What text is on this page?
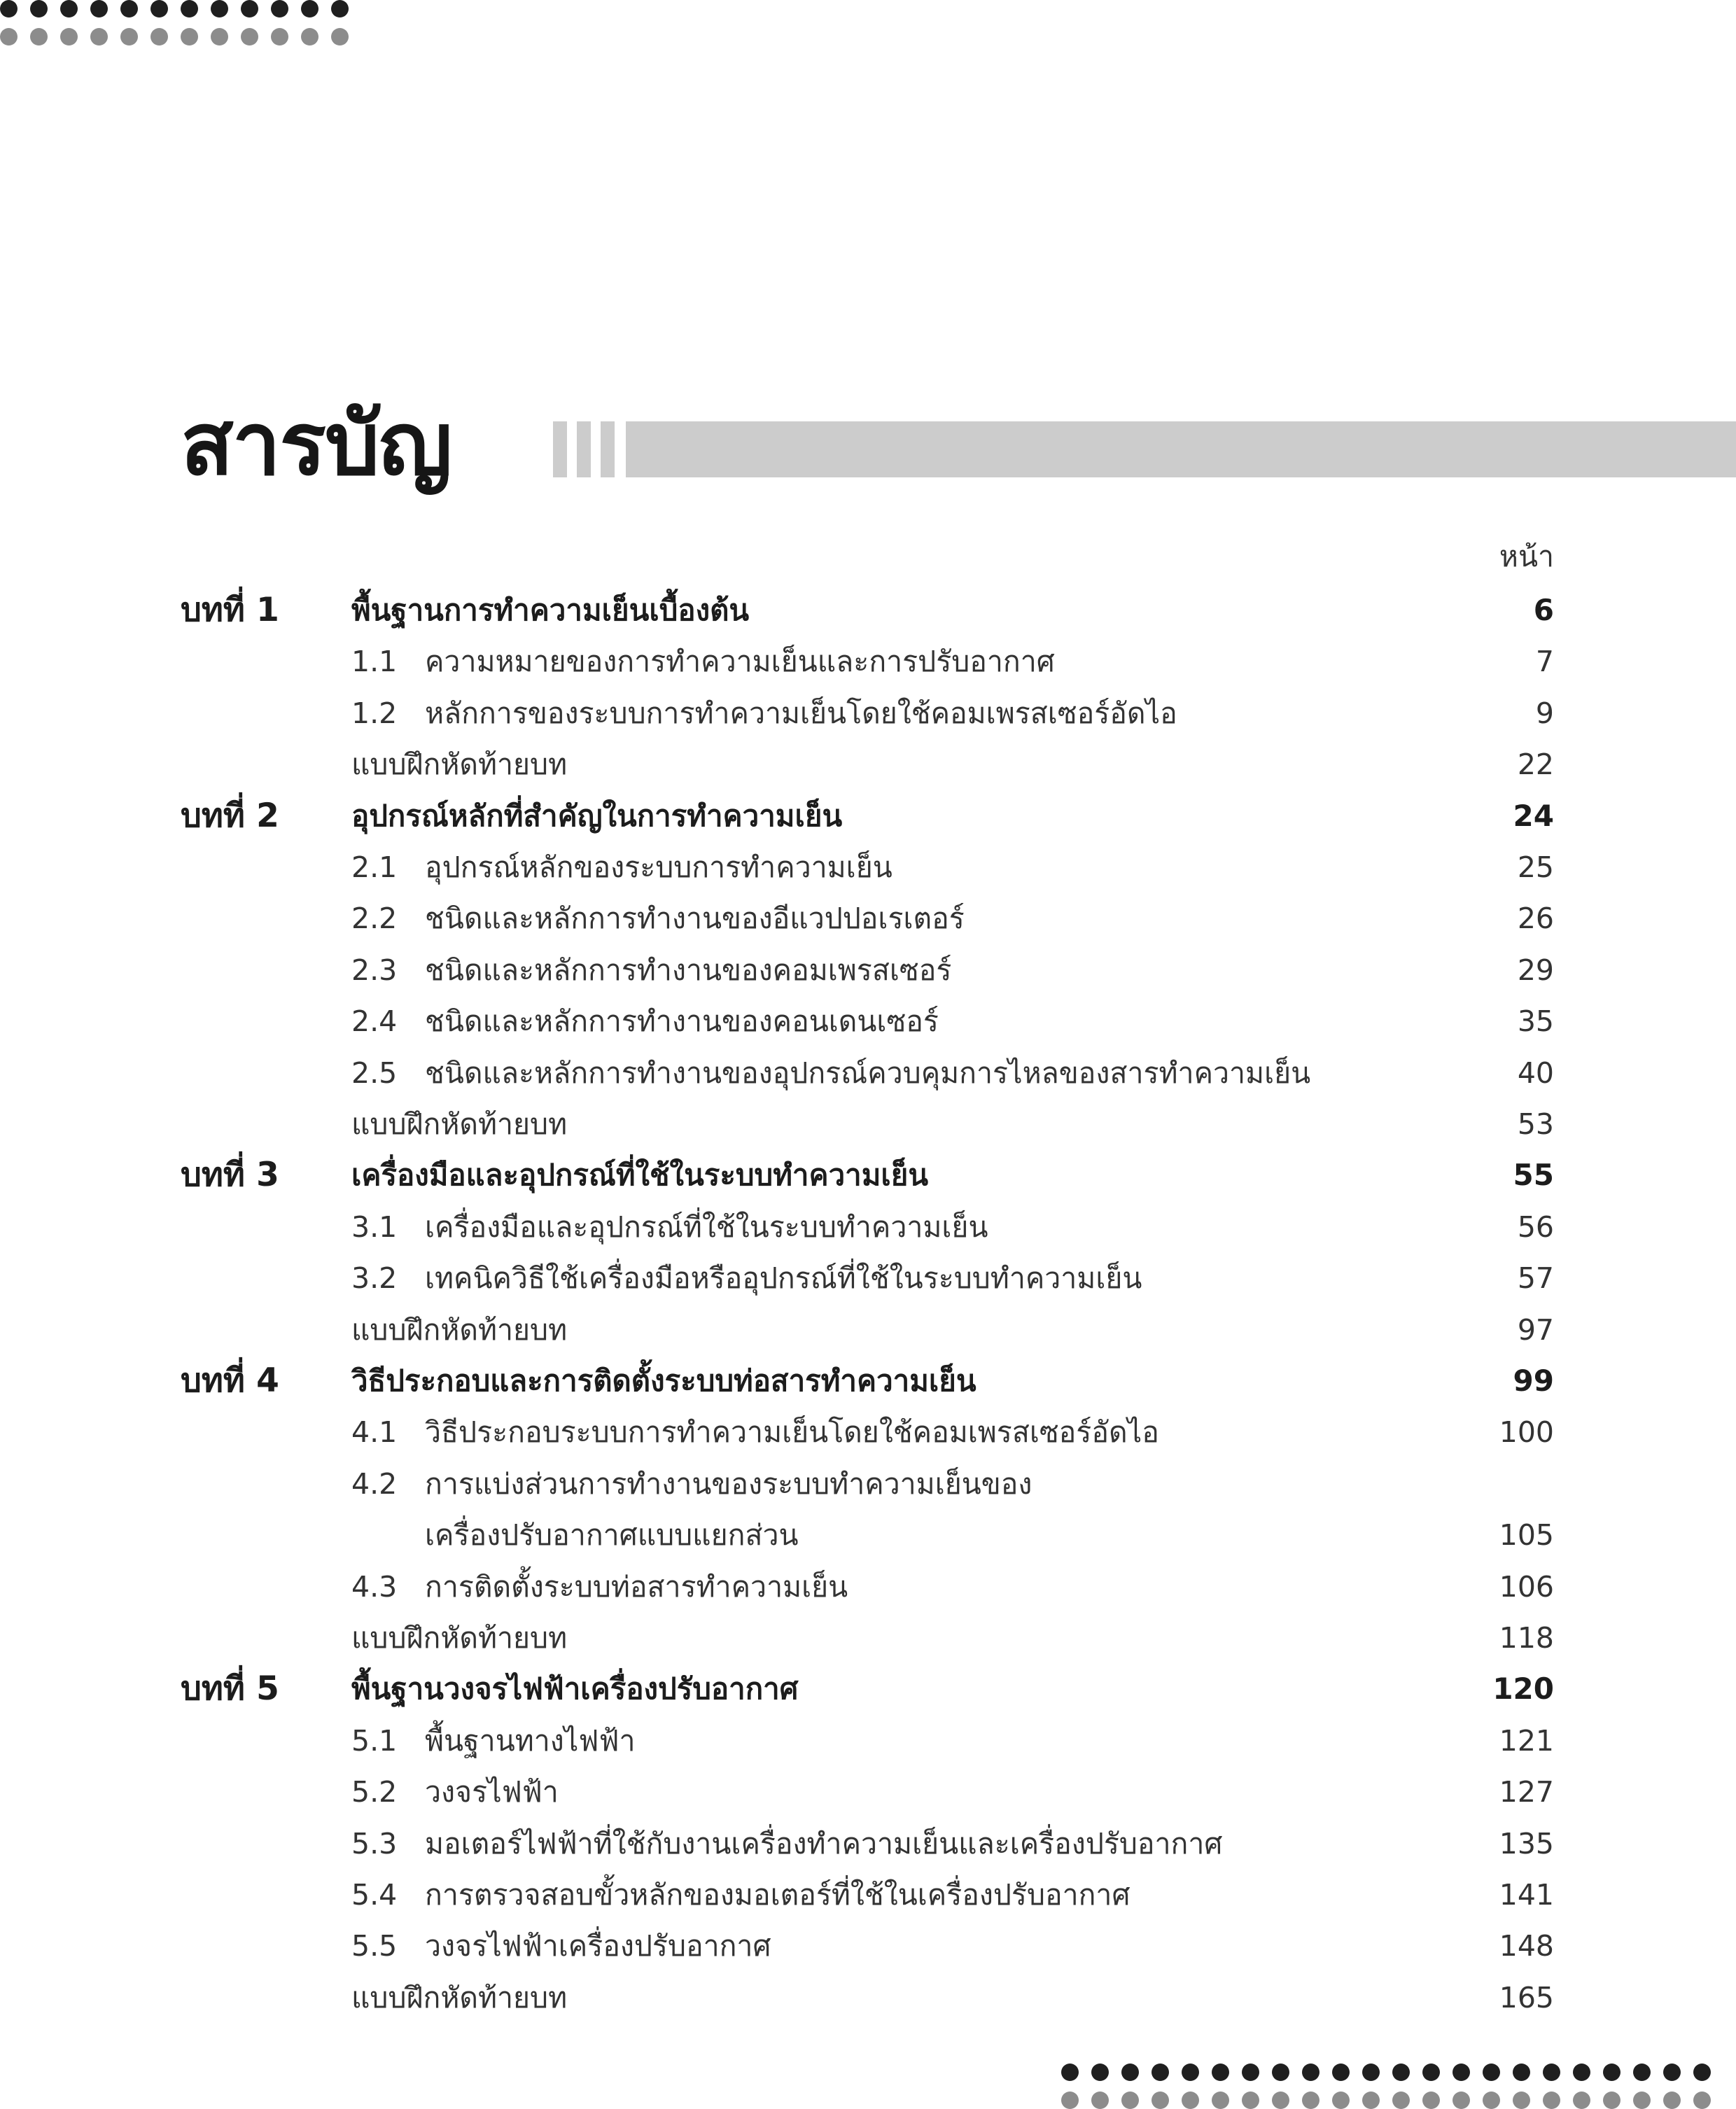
สารบัญ
หน้า
บทที่ 1 พื้นฐานการทำความเย็นเบื้องต้น	6
1.1 ความหมายของการทำความเย็นและการปรับอากาศ	7
1.2 หลักการของระบบการทำความเย็นโดยใช้คอมเพรสเซอร์อัดไอ	9
แบบฝึกหัดท้ายบท	22
บทที่ 2 อุปกรณ์หลักที่สำคัญในการทำความเย็น	24
2.1 อุปกรณ์หลักของระบบการทำความเย็น	25
2.2 ชนิดและหลักการทำงานของอีแวปปอเรเตอร์	26
2.3 ชนิดและหลักการทำงานของคอมเพรสเซอร์	29
2.4 ชนิดและหลักการทำงานของคอนเดนเซอร์	35
2.5 ชนิดและหลักการทำงานของอุปกรณ์ควบคุมการไหลของสารทำความเย็น	40
แบบฝึกหัดท้ายบท	53
บทที่ 3 เครื่องมือและอุปกรณ์ที่ใช้ในระบบทำความเย็น	55
3.1 เครื่องมือและอุปกรณ์ที่ใช้ในระบบทำความเย็น	56
3.2 เทคนิควิธีใช้เครื่องมือหรืออุปกรณ์ที่ใช้ในระบบทำความเย็น	57
แบบฝึกหัดท้ายบท	97
บทที่ 4 วิธีประกอบและการติดตั้งระบบท่อสารทำความเย็น	99
4.1 วิธีประกอบระบบการทำความเย็นโดยใช้คอมเพรสเซอร์อัดไอ	100
4.2 การแบ่งส่วนการทำงานของระบบทำความเย็นของ
เครื่องปรับอากาศแบบแยกส่วน	105
4.3 การติดตั้งระบบท่อสารทำความเย็น	106
แบบฝึกหัดท้ายบท	118
บทที่ 5 พื้นฐานวงจรไฟฟ้าเครื่องปรับอากาศ	120
5.1 พื้นฐานทางไฟฟ้า	121
5.2 วงจรไฟฟ้า	127
5.3 มอเตอร์ไฟฟ้าที่ใช้กับงานเครื่องทำความเย็นและเครื่องปรับอากาศ	135
5.4 การตรวจสอบขั้วหลักของมอเตอร์ที่ใช้ในเครื่องปรับอากาศ	141
5.5 วงจรไฟฟ้าเครื่องปรับอากาศ	148
แบบฝึกหัดท้ายบท	165
